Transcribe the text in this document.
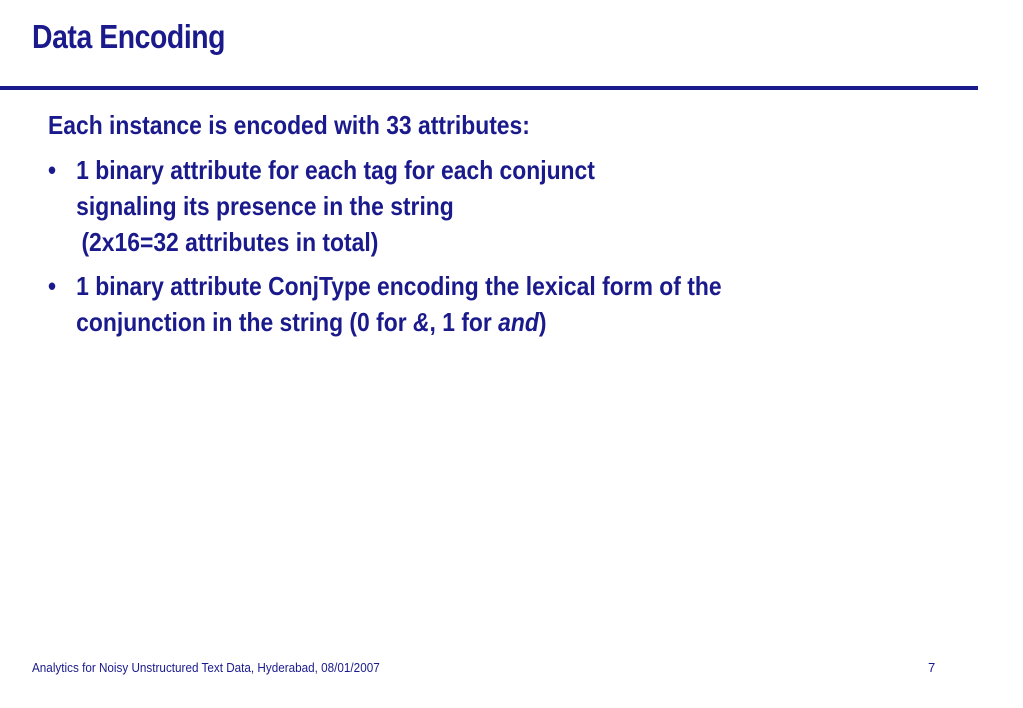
Data Encoding

Each instance is encoded with 33 attributes:

• 1 binary attribute for each tag for each conjunct
signaling its presence in the string
(2x16=32 attributes in total)
• 1 binary attribute ConjType encoding the lexical form of the
conjunction in the string (0 for &, 1 for and)
Analytics for Noisy Unstructured Text Data, Hyderabad, 08/01/2007	7
